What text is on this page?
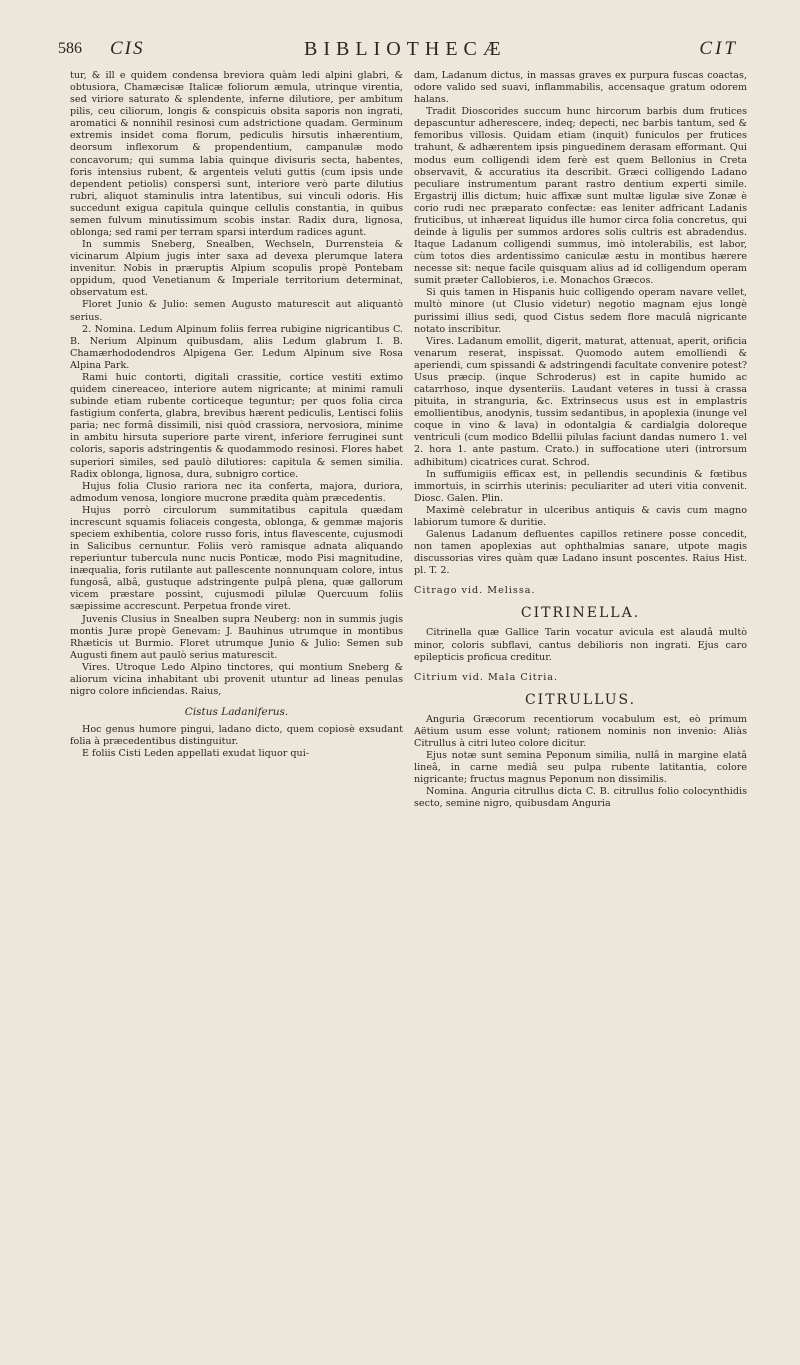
586 CIS	BIBLIOTHECÆ	CIT

tur, & ill e quidem condensa breviora quàm ledi alpini glabri, & obtusiora, Chamæcisæ Italicæ foliorum æmula, utrinque virentia, sed viriore saturato & splendente, inferne dilutiore, per ambitum pilis, ceu ciliorum, longis & conspicuis obsita saporis non ingrati, aromatici & nonnihil resinosi cum adstrictione quadam. Germinum extremis insidet coma florum, pediculis hirsutis inhærentium, deorsum inflexorum & propendentium, campanulæ modo concavorum; qui summa labia quinque divisuris secta, habentes, foris intensius rubent, & argenteis veluti guttis (cum ipsis unde dependent petiolis) conspersi sunt, interiore verò parte dilutius rubri, aliquot staminulis intra latentibus, sui vinculi odoris. His succedunt exigua capitula quinque cellulis constantia, in quibus semen fulvum minutissimum scobis instar. Radix dura, lignosa, oblonga; sed rami per terram sparsi interdum radices agunt.

In summis Sneberg, Snealben, Wechseln, Durrensteia & vicinarum Alpium jugis inter saxa ad devexa plerumque latera invenitur. Nobis in præruptis Alpium scopulis propè Pontebam oppidum, quod Venetianum & Imperiale territorium determinat, observatum est.

Floret Junio & Julio: semen Augusto maturescit aut aliquantò serius.

2. Nomina. Ledum Alpinum foliis ferrea rubigine nigricantibus C. B. Nerium Alpinum quibusdam, aliis Ledum glabrum I. B. Chamærhododendros Alpigena Ger. Ledum Alpinum sive Rosa Alpina Park.

Rami huic contorti, digitali crassitie, cortice vestiti extimo quidem cinereaceo, interiore autem nigricante; at minimi ramuli subinde etiam rubente corticeque teguntur; per quos folia circa fastigium conferta, glabra, brevibus hærent pediculis, Lentisci foliis paria; nec formâ dissimili, nisi quòd crassiora, nervosiora, minime in ambitu hirsuta superiore parte virent, inferiore ferruginei sunt coloris, saporis adstringentis & quodammodo resinosi. Flores habet superiori similes, sed paulò dilutiores: capitula & semen similia. Radix oblonga, lignosa, dura, subnigro cortice.

Hujus folia Clusio rariora nec ita conferta, majora, duriora, admodum venosa, longiore mucrone prædita quàm præcedentis.

Hujus porrò circulorum summitatibus capitula quædam increscunt squamis foliaceis congesta, oblonga, & gemmæ majoris speciem exhibentia, colore russo foris, intus flavescente, cujusmodi in Salicibus cernuntur. Foliis verò ramisque adnata aliquando reperiuntur tubercula nunc nucis Ponticæ, modo Pisi magnitudine, inæqualia, foris rutilante aut pallescente nonnunquam colore, intus fungosâ, albâ, gustuque adstringente pulpâ plena, quæ gallorum vicem præstare possint, cujusmodi pilulæ Quercuum foliis sæpissime accrescunt. Perpetua fronde viret.

Juvenis Clusius in Snealben supra Neuberg: non in summis jugis montis Juræ propè Genevam: J. Bauhinus utrumque in montibus Rhæticis ut Burmio. Floret utrumque Junio & Julio: Semen sub Augusti finem aut paulò serius maturescit.

Vires. Utroque Ledo Alpino tinctores, qui montium Sneberg & aliorum vicina inhabitant ubi provenit utuntur ad lineas penulas nigro colore inficiendas. Raius,

Cistus Ladaniferus.

Hoc genus humore pingui, ladano dicto, quem copiosè exsudant folia à præcedentibus distinguitur.

E foliis Cisti Leden appellati exudat liquor qui-

dam, Ladanum dictus, in massas graves ex purpura fuscas coactas, odore valido sed suavi, inflammabilis, accensaque gratum odorem halans.

Tradit Dioscorides succum hunc hircorum barbis dum frutices depascuntur adherescere, indeq; depecti, nec barbis tantum, sed & femoribus villosis. Quidam etiam (inquit) funiculos per frutices trahunt, & adhærentem ipsis pinguedinem derasam efformant. Qui modus eum colligendi idem ferè est quem Bellonius in Creta observavit, & accuratius ita describit. Græci colligendo Ladano peculiare instrumentum parant rastro dentium experti simile. Ergastrij illis dictum; huic affixæ sunt multæ ligulæ sive Zonæ è corio rudi nec præparato confectæ: eas leniter adfricant Ladanis fruticibus, ut inhæreat liquidus ille humor circa folia concretus, qui deinde à ligulis per summos ardores solis cultris est abradendus. Itaque Ladanum colligendi summus, imò intolerabilis, est labor, cùm totos dies ardentissimo caniculæ æstu in montibus hærere necesse sit: neque facile quisquam alius ad id colligendum operam sumit præter Callobieros, i.e. Monachos Græcos.

Si quis tamen in Hispanis huic colligendo operam navare vellet, multò minore (ut Clusio videtur) negotio magnam ejus longè purissimi illius sedi, quod Cistus sedem flore maculâ nigricante notato inscribitur.

Vires. Ladanum emollit, digerit, maturat, attenuat, aperit, orificia venarum reserat, inspissat. Quomodo autem emolliendi & aperiendi, cum spissandi & adstringendi facultate convenire potest? Usus præcip. (inque Schroderus) est in capite humido ac catarrhoso, inque dysenteriis. Laudant veteres in tussi à crassa pituita, in stranguria, &c. Extrinsecus usus est in emplastris emollientibus, anodynis, tussim sedantibus, in apoplexia (inunge vel coque in vino & lava) in odontalgia & cardialgia doloreque ventriculi (cum modico Bdellii pilulas faciunt dandas numero 1. vel 2. hora 1. ante pastum. Crato.) in suffocatione uteri (introrsum adhibitum) cicatrices curat. Schrod.

In suffumigiis efficax est, in pellendis secundinis & fœtibus immortuis, in scirrhis uterinis: peculiariter ad uteri vitia convenit. Diosc. Galen. Plin.

Maximè celebratur in ulceribus antiquis & cavis cum magno labiorum tumore & duritie.

Galenus Ladanum defluentes capillos retinere posse concedit, non tamen apoplexias aut ophthalmias sanare, utpote magis discussorias vires quàm quæ Ladano insunt poscentes. Raius Hist. pl. T. 2.

Citrago vid. Melissa.

CITRINELLA.

Citrinella quæ Gallice Tarin vocatur avicula est alaudâ multò minor, coloris subflavi, cantus debilioris non ingrati. Ejus caro epilepticis proficua creditur.

Citrium vid. Mala Citria.

CITRULLUS.

Anguria Græcorum recentiorum vocabulum est, eò primum Aëtium usum esse volunt; rationem nominis non invenio: Aliàs Citrullus à citri luteo colore dicitur.

Ejus notæ sunt semina Peponum similia, nullâ in margine elatâ lineâ, in carne mediâ seu pulpa rubente latitantia, colore nigricante; fructus magnus Peponum non dissimilis.

Nomina. Anguria citrullus dicta C. B. citrullus folio colocynthidis secto, semine nigro, quibusdam Anguria
